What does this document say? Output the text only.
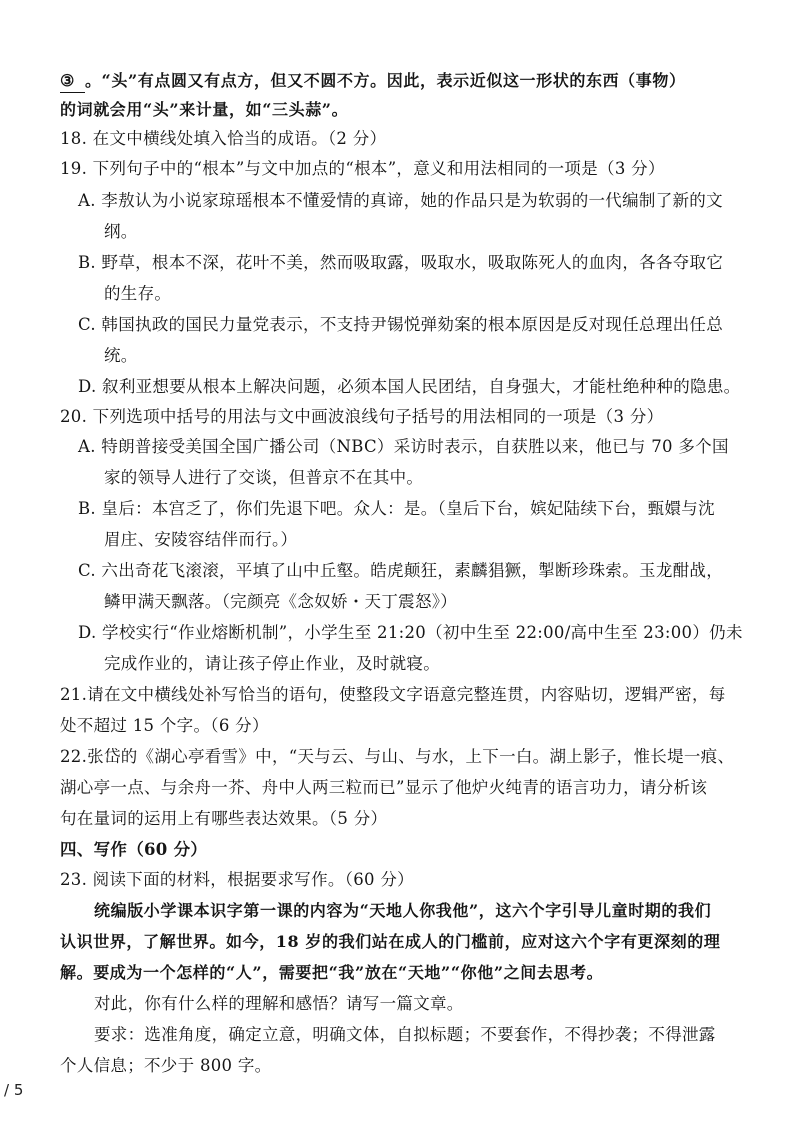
③ 。“头”有点圆又有点方，但又不圆不方。因此，表示近似这一形状的东西（事物）
的词就会用“头”来计量，如“三头蒜”。
18. 在文中横线处填入恰当的成语。（2 分）
19. 下列句子中的“根本”与文中加点的“根本”，意义和用法相同的一项是（3 分）
A. 李敖认为小说家琼瑶根本不懂爱情的真谛，她的作品只是为软弱的一代编制了新的文
纲。
B. 野草，根本不深，花叶不美，然而吸取露，吸取水，吸取陈死人的血肉，各各夺取它
的生存。
C. 韩国执政的国民力量党表示，不支持尹锡悦弹劾案的根本原因是反对现任总理出任总
统。
D. 叙利亚想要从根本上解决问题，必须本国人民团结，自身强大，才能杜绝种种的隐患。
20. 下列选项中括号的用法与文中画波浪线句子括号的用法相同的一项是（3 分）
A. 特朗普接受美国全国广播公司（NBC）采访时表示，自获胜以来，他已与 70 多个国
家的领导人进行了交谈，但普京不在其中。
B. 皇后：本宫乏了，你们先退下吧。众人：是。（皇后下台，嫔妃陆续下台，甄嬛与沈
眉庄、安陵容结伴而行。）
C. 六出奇花飞滚滚，平填了山中丘壑。皓虎颠狂，素麟猖獗，掣断珍珠索。玉龙酣战，
鳞甲满天飘落。（完颜亮《念奴娇・天丁震怒》）
D. 学校实行“作业熔断机制”，小学生至 21:20（初中生至 22:00/高中生至 23:00）仍未
完成作业的，请让孩子停止作业，及时就寝。
21.请在文中横线处补写恰当的语句，使整段文字语意完整连贯，内容贴切，逻辑严密，每
处不超过 15 个字。（6 分）
22.张岱的《湖心亭看雪》中，“天与云、与山、与水，上下一白。湖上影子，惟长堤一痕、
湖心亭一点、与余舟一芥、舟中人两三粒而已”显示了他炉火纯青的语言功力，请分析该
句在量词的运用上有哪些表达效果。（5 分）
四、写作（60 分）
23. 阅读下面的材料，根据要求写作。（60 分）
统编版小学课本识字第一课的内容为“天地人你我他”，这六个字引导儿童时期的我们
认识世界，了解世界。如今，18 岁的我们站在成人的门槛前，应对这六个字有更深刻的理
解。要成为一个怎样的“人”，需要把“我”放在“天地”“你他”之间去思考。
对此，你有什么样的理解和感悟？请写一篇文章。
要求：选准角度，确定立意，明确文体，自拟标题；不要套作，不得抄袭；不得泄露
个人信息；不少于 800 字。
/ 5
